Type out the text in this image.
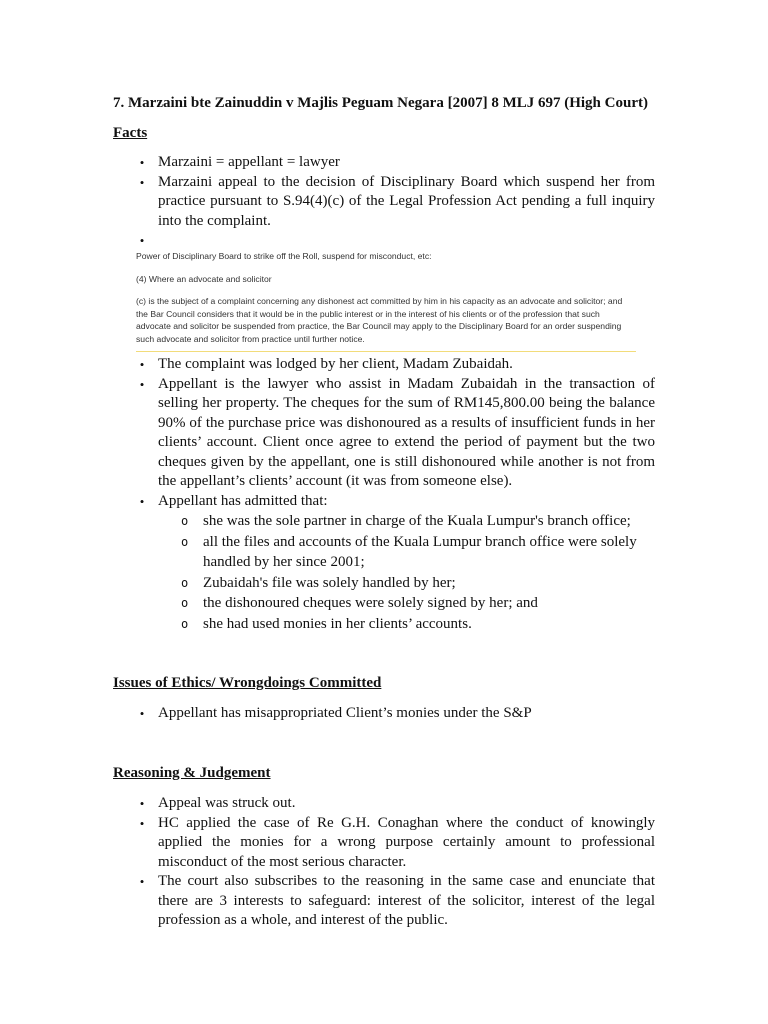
7. Marzaini bte Zainuddin v Majlis Peguam Negara [2007] 8 MLJ 697 (High Court)
Facts
• Marzaini = appellant = lawyer
• Marzaini appeal to the decision of Disciplinary Board which suspend her from practice pursuant to S.94(4)(c) of the Legal Profession Act pending a full inquiry into the complaint.
•

Power of Disciplinary Board to strike off the Roll, suspend for misconduct, etc:

(4) Where an advocate and solicitor

(c) is the subject of a complaint concerning any dishonest act committed by him in his capacity as an advocate and solicitor; and the Bar Council considers that it would be in the public interest or in the interest of his clients or of the profession that such advocate and solicitor be suspended from practice, the Bar Council may apply to the Disciplinary Board for an order suspending such advocate and solicitor from practice until further notice.

• The complaint was lodged by her client, Madam Zubaidah.
• Appellant is the lawyer who assist in Madam Zubaidah in the transaction of selling her property. The cheques for the sum of RM145,800.00 being the balance 90% of the purchase price was dishonoured as a results of insufficient funds in her clients’ account. Client once agree to extend the period of payment but the two cheques given by the appellant, one is still dishonoured while another is not from the appellant’s clients’ account (it was from someone else).
• Appellant has admitted that:
o she was the sole partner in charge of the Kuala Lumpur's branch office;
o all the files and accounts of the Kuala Lumpur branch office were solely handled by her since 2001;
o Zubaidah's file was solely handled by her;
o the dishonoured cheques were solely signed by her; and
o she had used monies in her clients’ accounts.
Issues of Ethics/ Wrongdoings Committed
• Appellant has misappropriated Client’s monies under the S&P
Reasoning & Judgement
• Appeal was struck out.
• HC applied the case of Re G.H. Conaghan where the conduct of knowingly applied the monies for a wrong purpose certainly amount to professional misconduct of the most serious character.
• The court also subscribes to the reasoning in the same case and enunciate that there are 3 interests to safeguard: interest of the solicitor, interest of the legal profession as a whole, and interest of the public.
